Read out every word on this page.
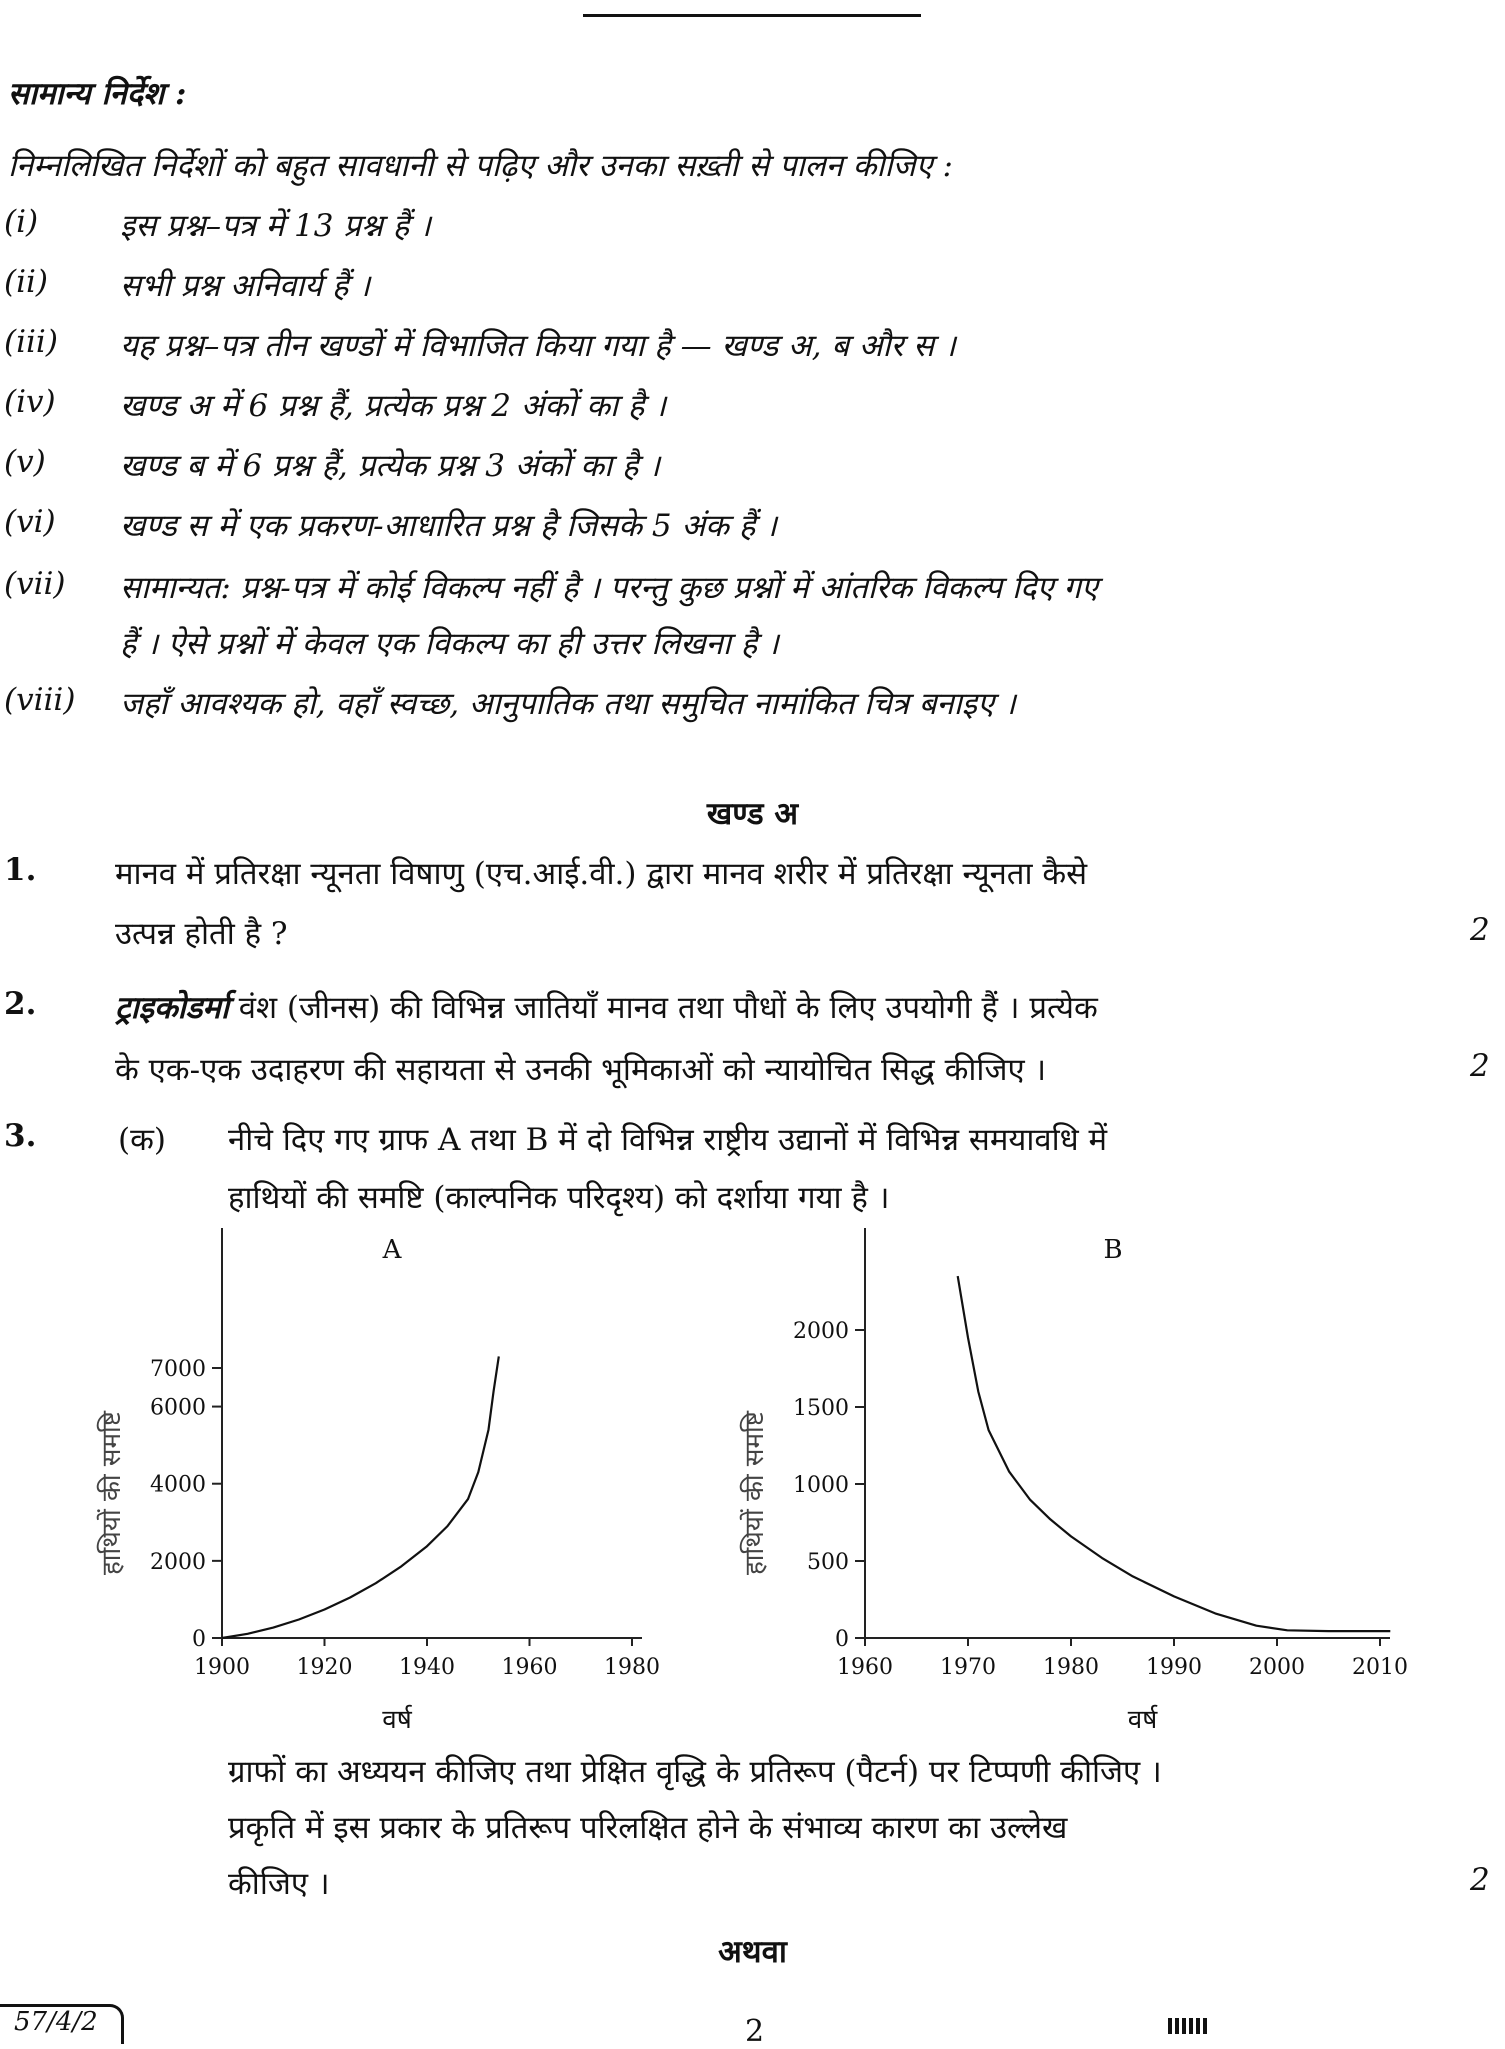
सामान्य निर्देश :
निम्नलिखित निर्देशों को बहुत सावधानी से पढ़िए और उनका सख़्ती से पालन कीजिए :
(i)	इस प्रश्न–पत्र में 13 प्रश्न हैं ।
(ii) सभी प्रश्न अनिवार्य हैं ।
(iii) यह प्रश्न–पत्र तीन खण्डों में विभाजित किया गया है — खण्ड अ, ब और स ।
(iv) खण्ड अ में 6 प्रश्न हैं, प्रत्येक प्रश्न 2 अंकों का है ।
(v) खण्ड ब में 6 प्रश्न हैं, प्रत्येक प्रश्न 3 अंकों का है ।
(vi) खण्ड स में एक प्रकरण-आधारित प्रश्न है जिसके 5 अंक हैं ।
(vii) सामान्यत: प्रश्न-पत्र में कोई विकल्प नहीं है । परन्तु कुछ प्रश्नों में आंतरिक विकल्प दिए गए
हैं । ऐसे प्रश्नों में केवल एक विकल्प का ही उत्तर लिखना है ।
(viii) जहाँ आवश्यक हो, वहाँ स्वच्छ, आनुपातिक तथा समुचित नामांकित चित्र बनाइए ।
खण्ड अ
1.	मानव में प्रतिरक्षा न्यूनता विषाणु (एच.आई.वी.) द्वारा मानव शरीर में प्रतिरक्षा न्यूनता कैसे
उत्पन्न होती है ?	2
2.	ट्राइकोडर्मा वंश (जीनस) की विभिन्न जातियाँ मानव तथा पौधों के लिए उपयोगी हैं । प्रत्येक
के एक-एक उदाहरण की सहायता से उनकी भूमिकाओं को न्यायोचित सिद्ध कीजिए ।	2
3.	(क) नीचे दिए गए ग्राफ A तथा B में दो विभिन्न राष्ट्रीय उद्यानों में विभिन्न समयावधि में
हाथियों की समष्टि (काल्पनिक परिदृश्य) को दर्शाया गया है ।
A
1900 1920 1940 1960 1980
0
2000
4000
6000
7000
वर्ष
हाथियों की समष्टि
B
1960 1970 1980 1990 2000 2010
0
500
1000
1500
2000
वर्ष
हाथियों की समष्टि
ग्राफों का अध्ययन कीजिए तथा प्रेक्षित वृद्धि के प्रतिरूप (पैटर्न) पर टिप्पणी कीजिए ।
प्रकृति में इस प्रकार के प्रतिरूप परिलक्षित होने के संभाव्य कारण का उल्लेख
कीजिए ।	2
अथवा
57/4/2	2
